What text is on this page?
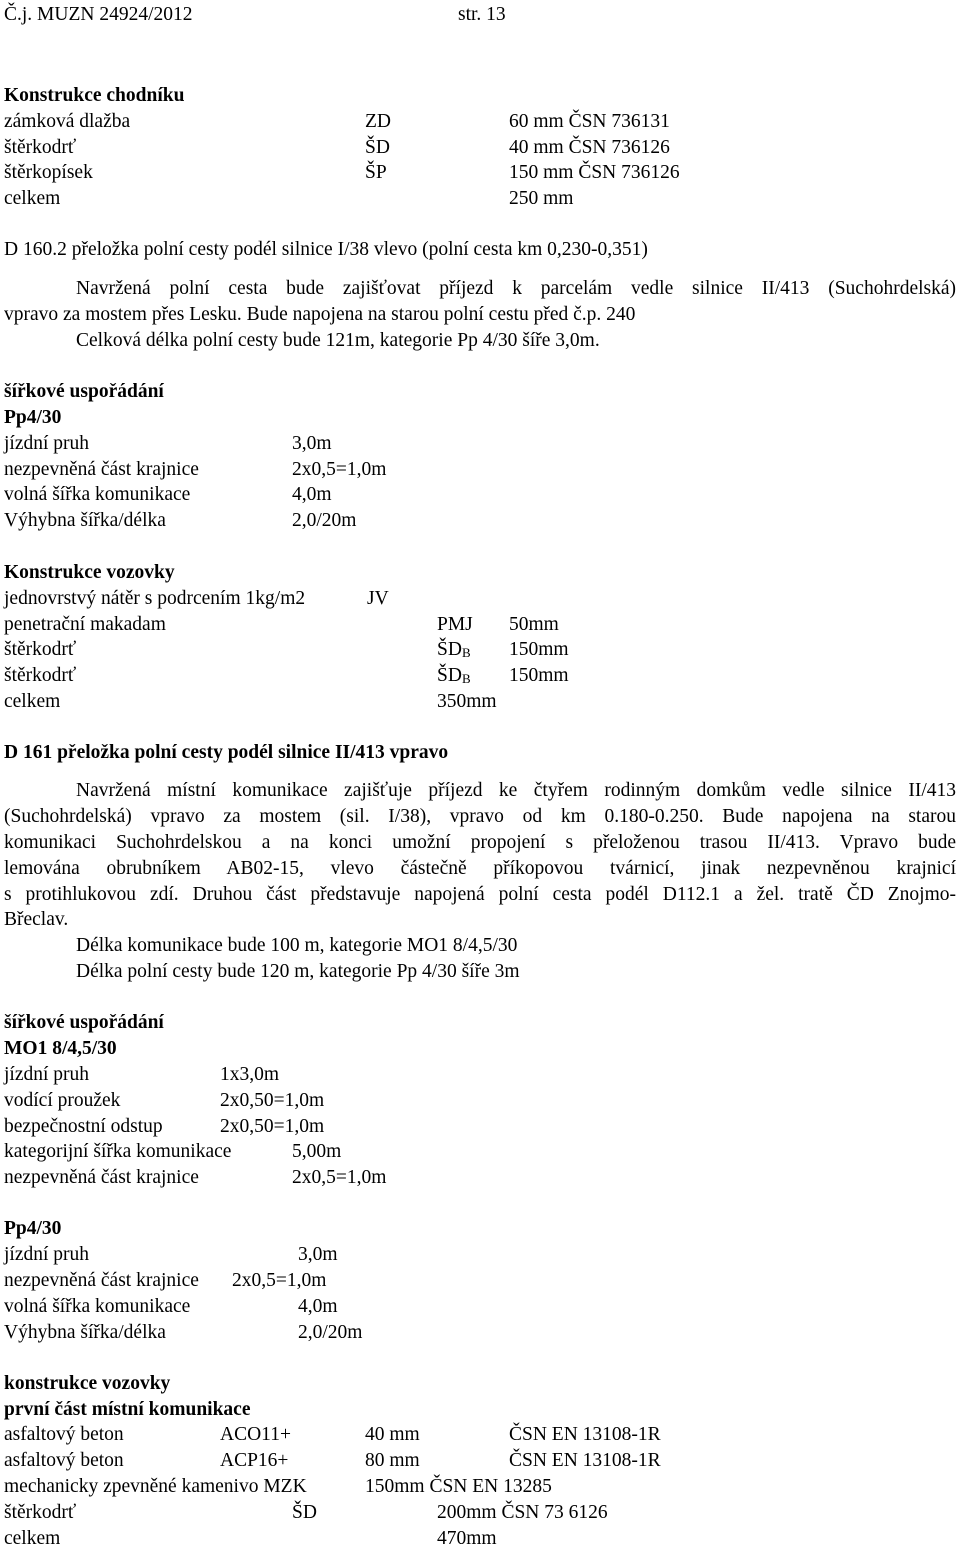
Č.j. MUZN 24924/2012	str. 13
Konstrukce chodníku
zámková dlažba	ZD	60 mm ČSN 736131
štěrkodrť	ŠD	40 mm ČSN 736126
štěrkopísek	ŠP	150 mm ČSN 736126
celkem	250 mm
D 160.2 přeložka polní cesty podél silnice I/38 vlevo (polní cesta km 0,230-0,351)
Navržená polní cesta bude zajišťovat příjezd k parcelám vedle silnice II/413 (Suchohrdelská)
vpravo za mostem přes Lesku. Bude napojena na starou polní cestu před č.p. 240
Celková délka polní cesty bude 121m, kategorie Pp 4/30 šíře 3,0m.
šířkové uspořádání
Pp4/30
jízdní pruh	3,0m
nezpevněná část krajnice	2x0,5=1,0m
volná šířka komunikace	4,0m
Výhybna šířka/délka	2,0/20m
Konstrukce vozovky
jednovrstvý nátěr s podrcením 1kg/m2	JV
penetrační makadam	PMJ 50mm
štěrkodrť	$ŠD_B$ 150mm
štěrkodrť	$ŠD_B$ 150mm
celkem	350mm
D 161 přeložka polní cesty podél silnice II/413 vpravo
Navržená místní komunikace zajišťuje příjezd ke čtyřem rodinným domkům vedle silnice II/413
(Suchohrdelská) vpravo za mostem (sil. I/38), vpravo od km 0.180-0.250. Bude napojena na starou
komunikaci Suchohrdelskou a na konci umožní propojení s přeloženou trasou II/413. Vpravo bude
lemována obrubníkem AB02-15, vlevo částečně příkopovou tvárnicí, jinak nezpevněnou krajnicí
s protihlukovou zdí. Druhou část představuje napojená polní cesta podél D112.1 a žel. tratě ČD Znojmo-
Břeclav.
Délka komunikace bude 100 m, kategorie MO1 8/4,5/30
Délka polní cesty bude 120 m, kategorie Pp 4/30 šíře 3m
šířkové uspořádání
MO1 8/4,5/30
jízdní pruh	1x3,0m
vodící proužek	2x0,50=1,0m
bezpečnostní odstup	2x0,50=1,0m
kategorijní šířka komunikace	5,00m
nezpevněná část krajnice	2x0,5=1,0m
Pp4/30
jízdní pruh	3,0m
nezpevněná část krajnice 2x0,5=1,0m
volná šířka komunikace	4,0m
Výhybna šířka/délka	2,0/20m
konstrukce vozovky
první část místní komunikace
asfaltový beton	ACO11+	40 mm	ČSN EN 13108-1R
asfaltový beton	ACP16+	80 mm	ČSN EN 13108-1R
mechanicky zpevněné kamenivo MZK	150mm ČSN EN 13285
štěrkodrť	ŠD	200mm ČSN 73 6126
celkem	470mm
